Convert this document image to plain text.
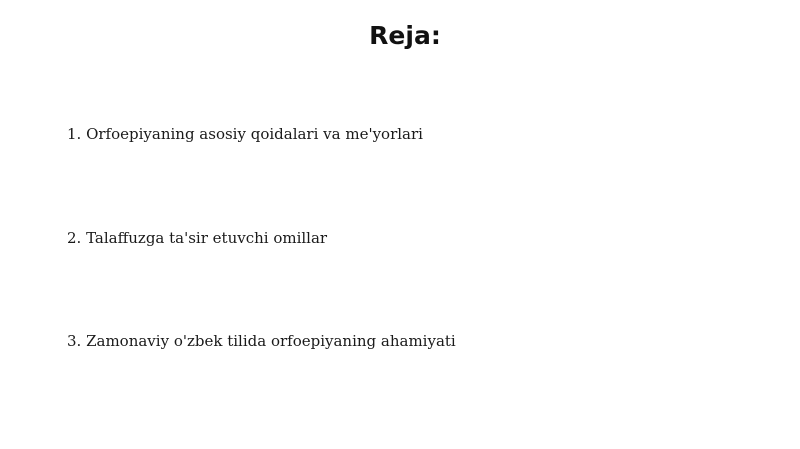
Reja:
1. Orfoepiyaning asosiy qoidalari va me'yorlari
2. Talaffuzga ta'sir etuvchi omillar
3. Zamonaviy o'zbek tilida orfoepiyaning ahamiyati
